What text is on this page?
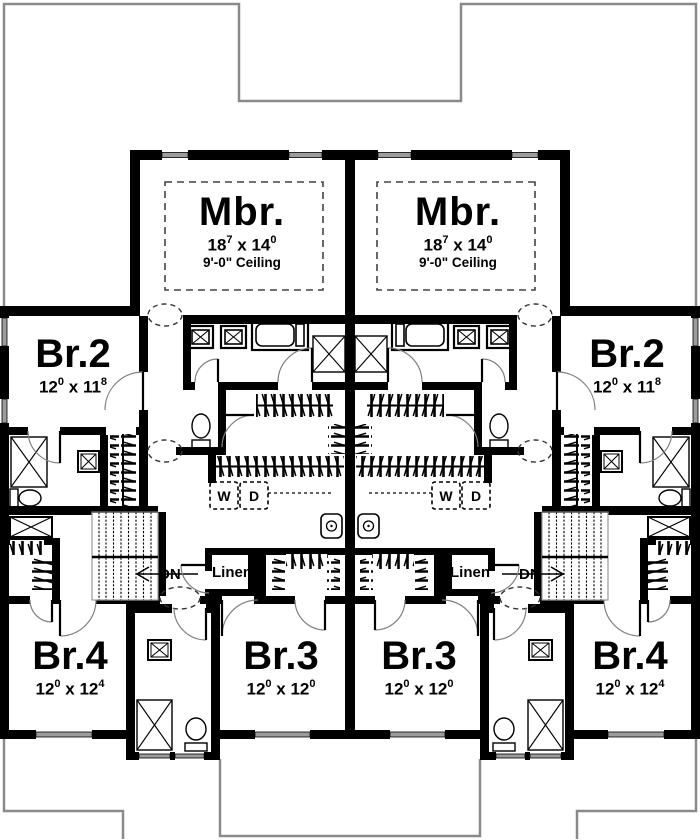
Mbr.
$18^7$ x $14^0$
9'-0" Ceiling
Mbr.
$18^7$ x $14^0$
9'-0" Ceiling
Br.2
$12^0$ x $11^8$
Br.2
$12^0$ x $11^8$
Br.4
$12^0$ x $12^4$
Br.4
$12^0$ x $12^4$
Br.3
$12^0$ x $12^0$
Br.3
$12^0$ x $12^0$
Linen	Linen
DN	DN
W	D	W	D
